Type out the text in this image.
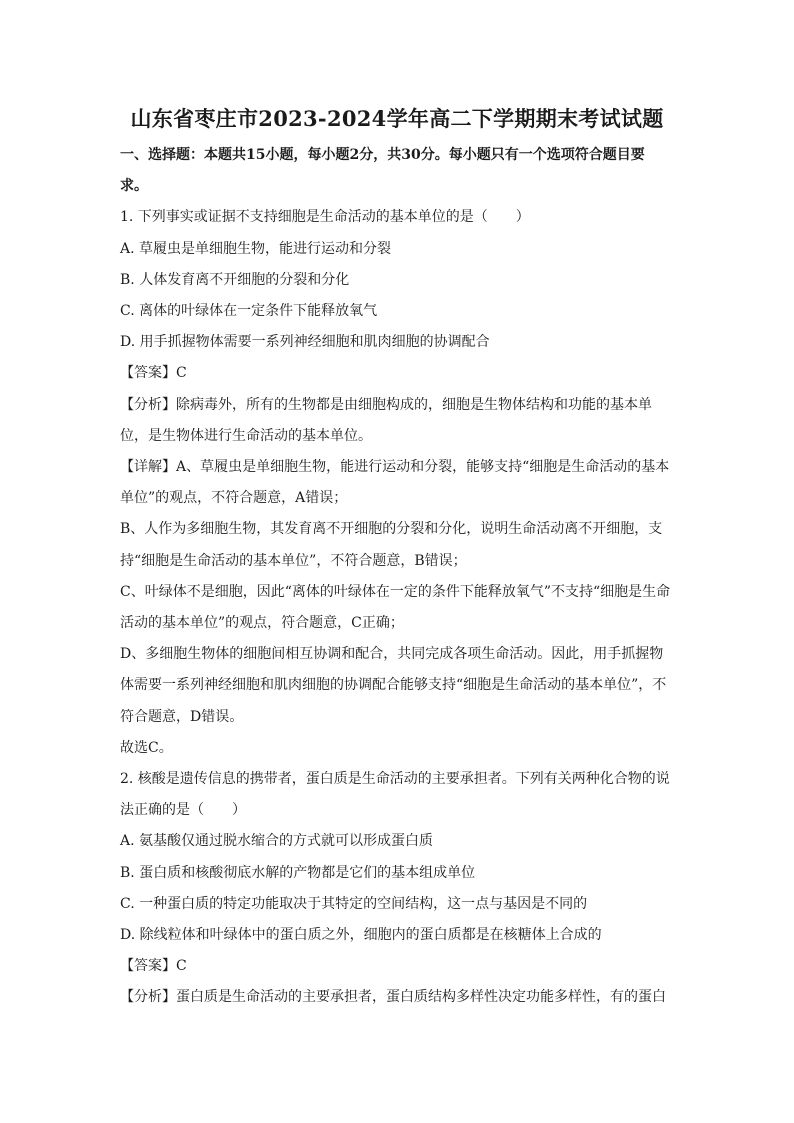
山东省枣庄市2023-2024学年高二下学期期末考试试题
一、选择题：本题共15小题，每小题2分，共30分。每小题只有一个选项符合题目要
求。
1. 下列事实或证据不支持细胞是生命活动的基本单位的是（　　）
A. 草履虫是单细胞生物，能进行运动和分裂
B. 人体发育离不开细胞的分裂和分化
C. 离体的叶绿体在一定条件下能释放氧气
D. 用手抓握物体需要一系列神经细胞和肌肉细胞的协调配合
【答案】C
【分析】除病毒外，所有的生物都是由细胞构成的，细胞是生物体结构和功能的基本单
位，是生物体进行生命活动的基本单位。
【详解】A、草履虫是单细胞生物，能进行运动和分裂，能够支持“细胞是生命活动的基本
单位”的观点，不符合题意，A错误；
B、人作为多细胞生物，其发育离不开细胞的分裂和分化，说明生命活动离不开细胞，支
持“细胞是生命活动的基本单位”，不符合题意，B错误；
C、叶绿体不是细胞，因此“离体的叶绿体在一定的条件下能释放氧气”不支持“细胞是生命
活动的基本单位”的观点，符合题意，C正确；
D、多细胞生物体的细胞间相互协调和配合，共同完成各项生命活动。因此，用手抓握物
体需要一系列神经细胞和肌肉细胞的协调配合能够支持“细胞是生命活动的基本单位”，不
符合题意，D错误。
故选C。
2. 核酸是遗传信息的携带者，蛋白质是生命活动的主要承担者。下列有关两种化合物的说
法正确的是（　　）
A. 氨基酸仅通过脱水缩合的方式就可以形成蛋白质
B. 蛋白质和核酸彻底水解的产物都是它们的基本组成单位
C. 一种蛋白质的特定功能取决于其特定的空间结构，这一点与基因是不同的
D. 除线粒体和叶绿体中的蛋白质之外，细胞内的蛋白质都是在核糖体上合成的
【答案】C
【分析】蛋白质是生命活动的主要承担者，蛋白质结构多样性决定功能多样性，有的蛋白
